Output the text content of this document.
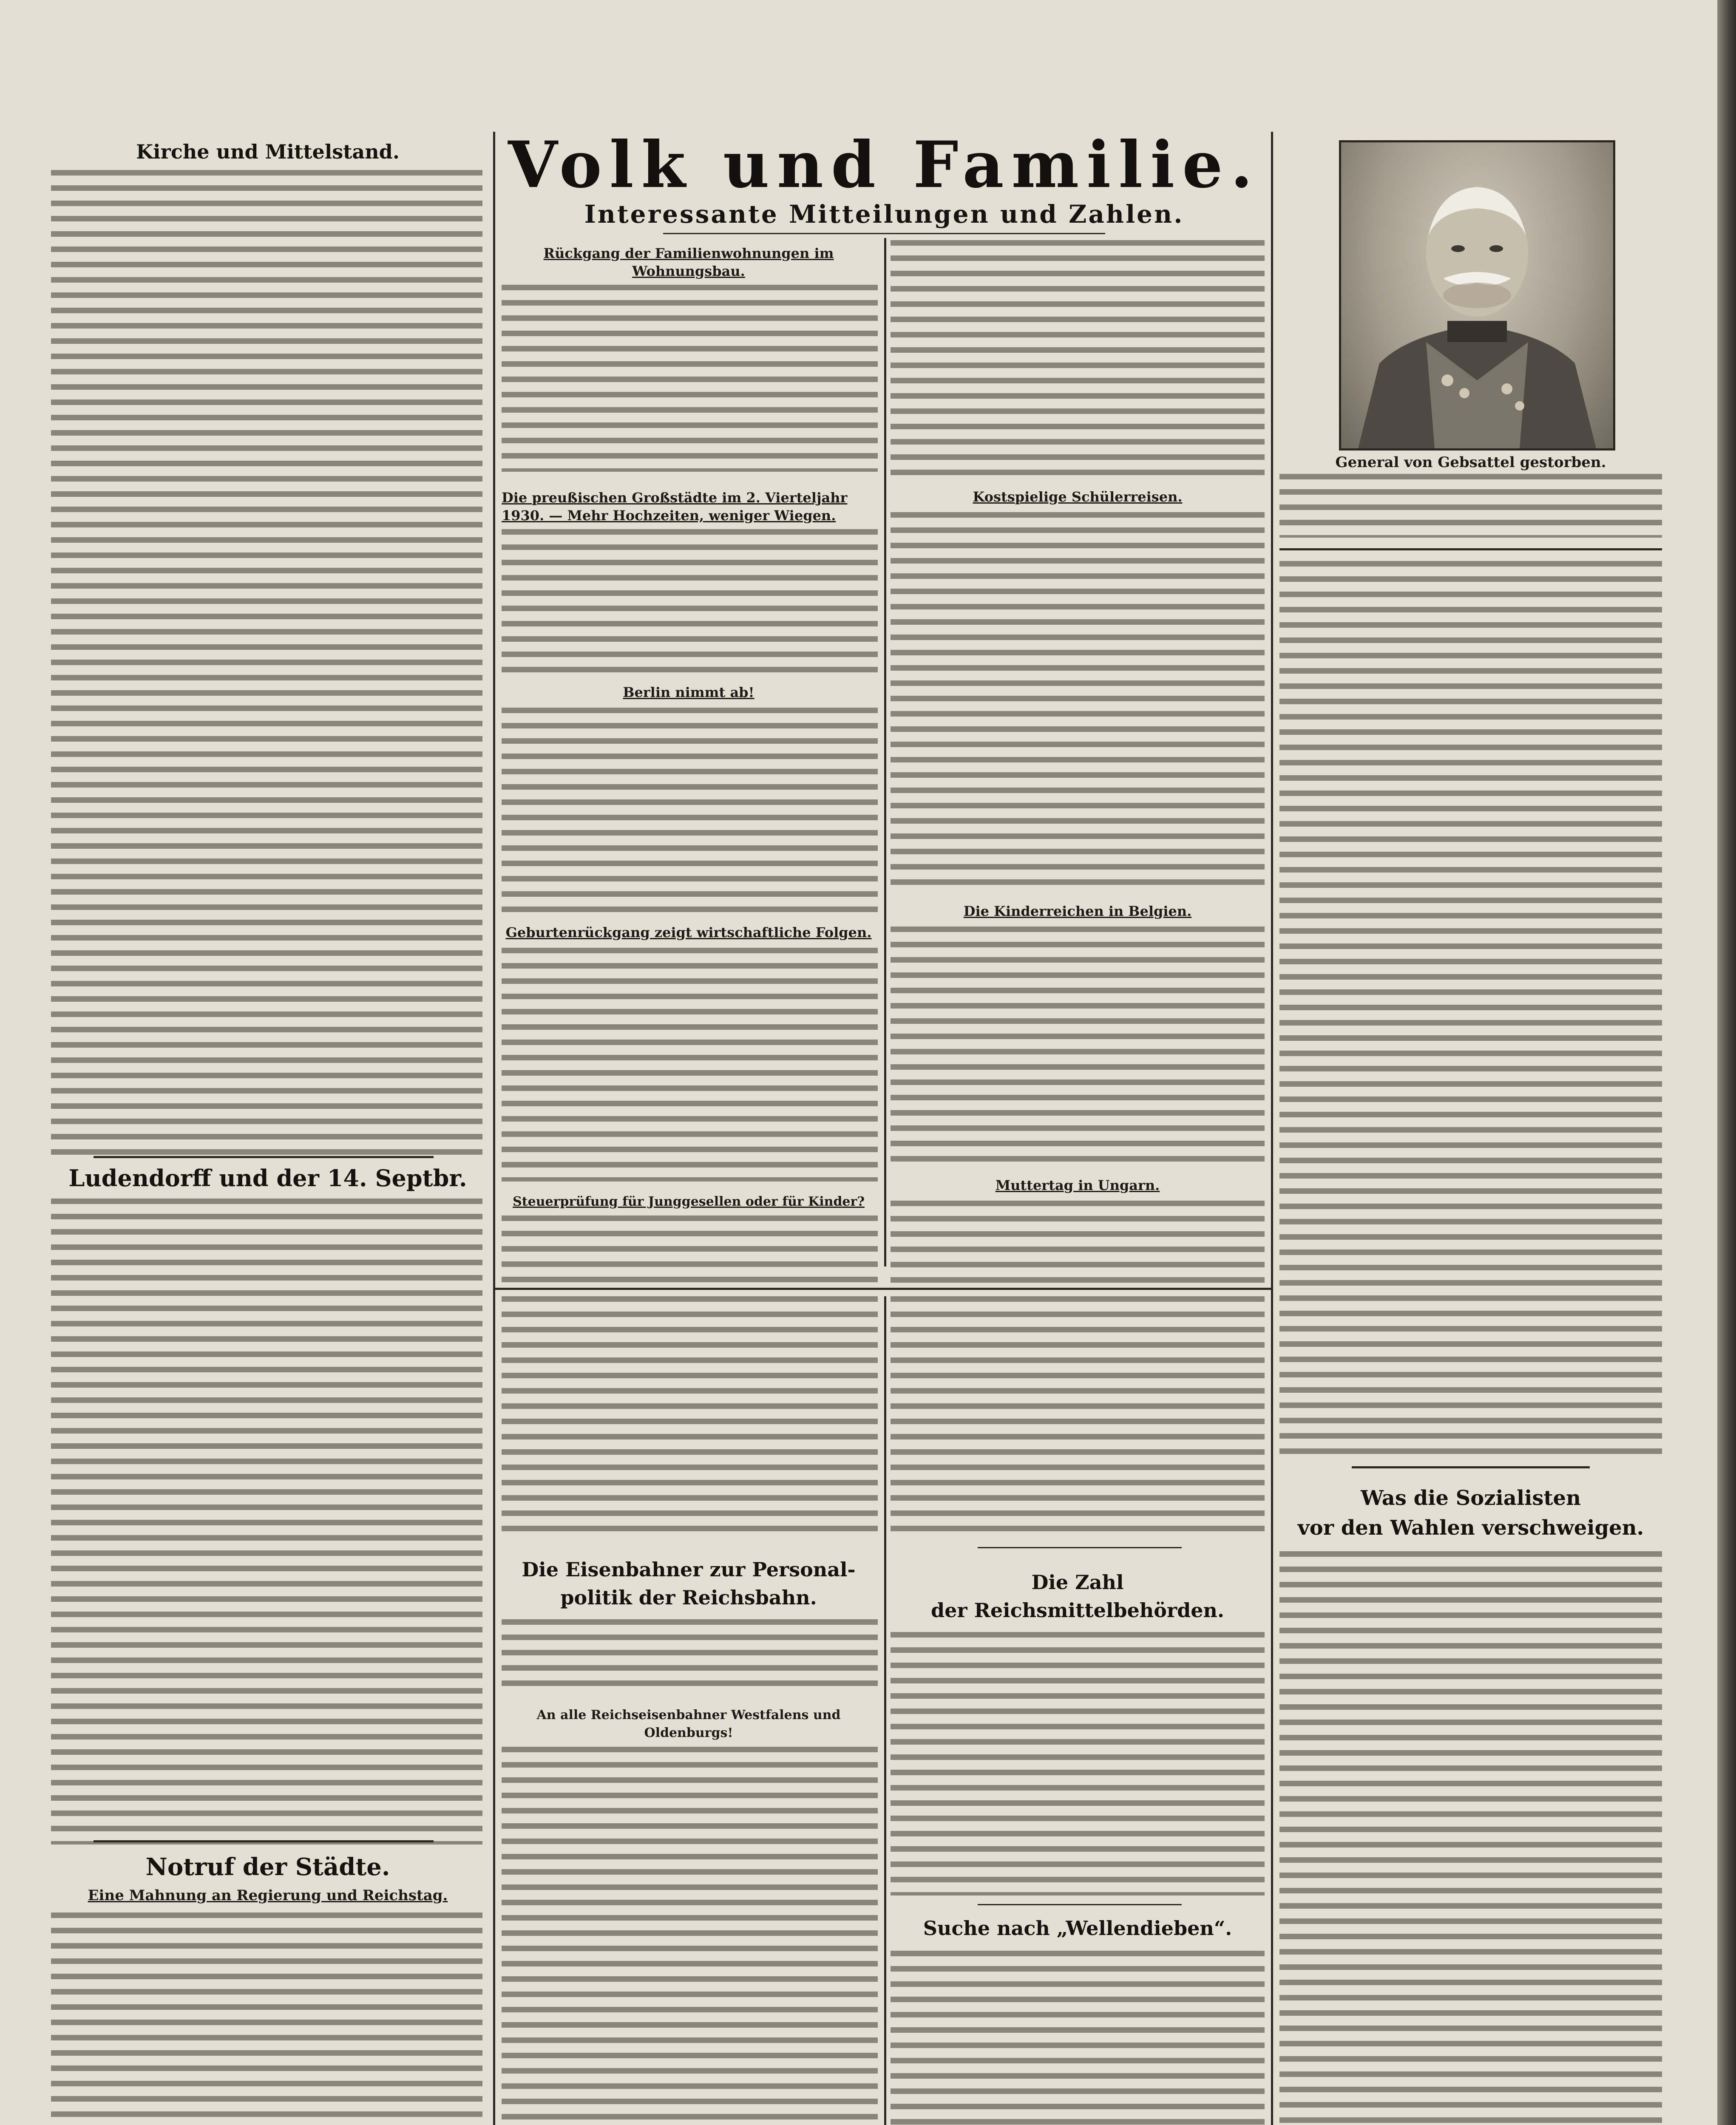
Volk und Familie.
Interessante Mitteilungen und Zahlen.
Kirche und Mittelstand.
Ludendorff und der 14. Septbr.
Notruf der Städte.
Eine Mahnung an Regierung und Reichstag.
Rückgang der Familienwohnungen im Wohnungsbau.
Die preußischen Großstädte im 2. Vierteljahr 1930. — Mehr Hochzeiten, weniger Wiegen.
Berlin nimmt ab!
Geburtenrückgang zeigt wirtschaftliche Folgen.
Steuerprüfung für Junggesellen oder für Kinder?
Kostspielige Schülerreisen.
Die Kinderreichen in Belgien.
Muttertag in Ungarn.
Die Eisenbahner zur Personal-
politik der Reichsbahn.
An alle Reichseisenbahner Westfalens und
Oldenburgs!
Die Zahl
der Reichsmittelbehörden.
Suche nach „Wellendieben“.
General von Gebsattel gestorben.
Was die Sozialisten
vor den Wahlen verschweigen.
